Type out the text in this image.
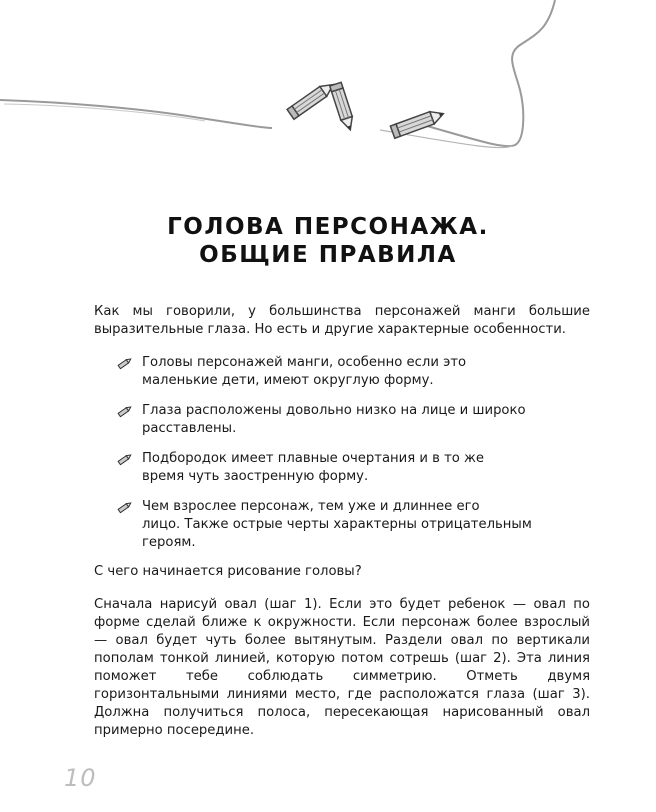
ГОЛОВА ПЕРСОНАЖА.
ОБЩИЕ ПРАВИЛА
Как мы говорили, у большинства персонажей манги большие выразительные глаза. Но есть и другие характерные особенности.
Головы персонажей манги, особенно если это
маленькие дети, имеют округлую форму.
Глаза расположены довольно низко на лице и широко
расставлены.
Подбородок имеет плавные очертания и в то же
время чуть заостренную форму.
Чем взрослее персонаж, тем уже и длиннее его
лицо. Также острые черты характерны отрицательным
героям.
С чего начинается рисование головы?
Сначала нарисуй овал (шаг 1). Если это будет ребенок — овал по форме сделай ближе к окружности. Если персонаж более взрослый — овал будет чуть более вытянутым. Раздели овал по вертикали пополам тонкой линией, которую потом сотрешь (шаг 2). Эта линия поможет тебе соблюдать симметрию. Отметь двумя горизонтальными линиями место, где расположатся глаза (шаг 3). Должна получиться полоса, пересекающая нарисованный овал примерно посередине.
10
